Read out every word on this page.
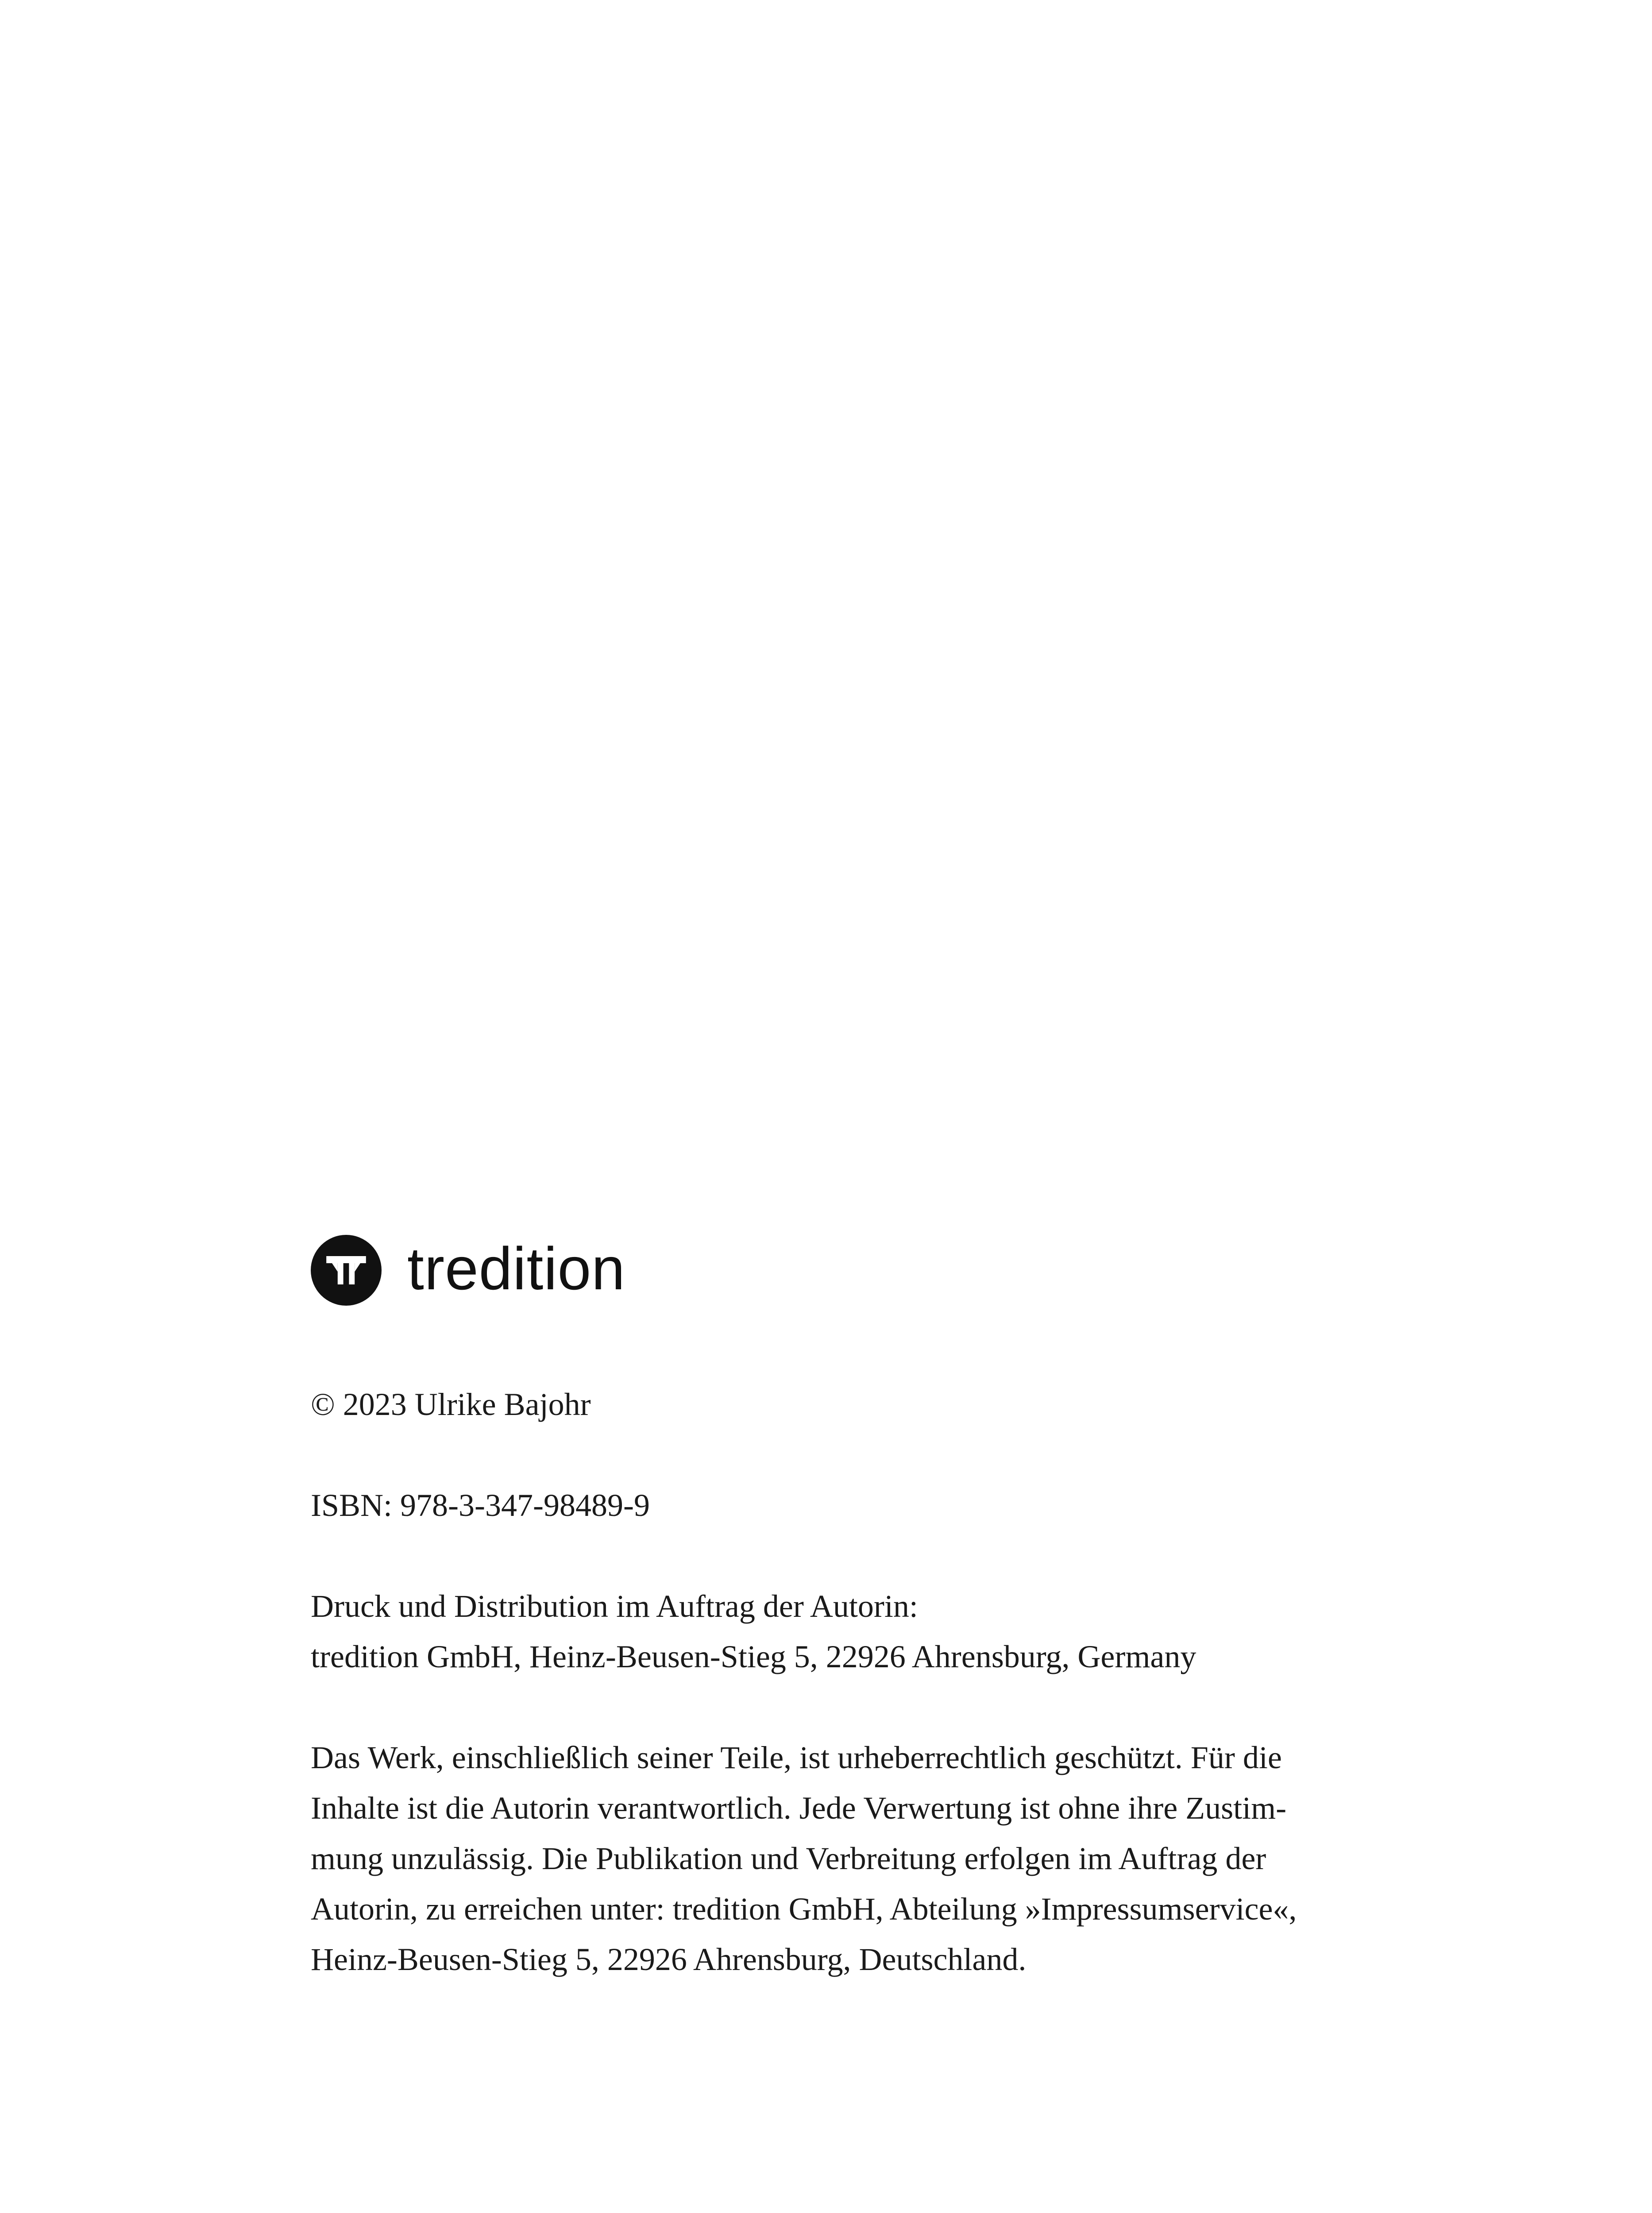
tredition

© 2023 Ulrike Bajohr

ISBN: 978-3-347-98489-9

Druck und Distribution im Auftrag der Autorin:
tredition GmbH, Heinz-Beusen-Stieg 5, 22926 Ahrensburg, Germany

Das Werk, einschließlich seiner Teile, ist urheberrechtlich geschützt. Für die
Inhalte ist die Autorin verantwortlich. Jede Verwertung ist ohne ihre Zustim-
mung unzulässig. Die Publikation und Verbreitung erfolgen im Auftrag der
Autorin, zu erreichen unter: tredition GmbH, Abteilung »Impressumservice«,
Heinz-Beusen-Stieg 5, 22926 Ahrensburg, Deutschland.
